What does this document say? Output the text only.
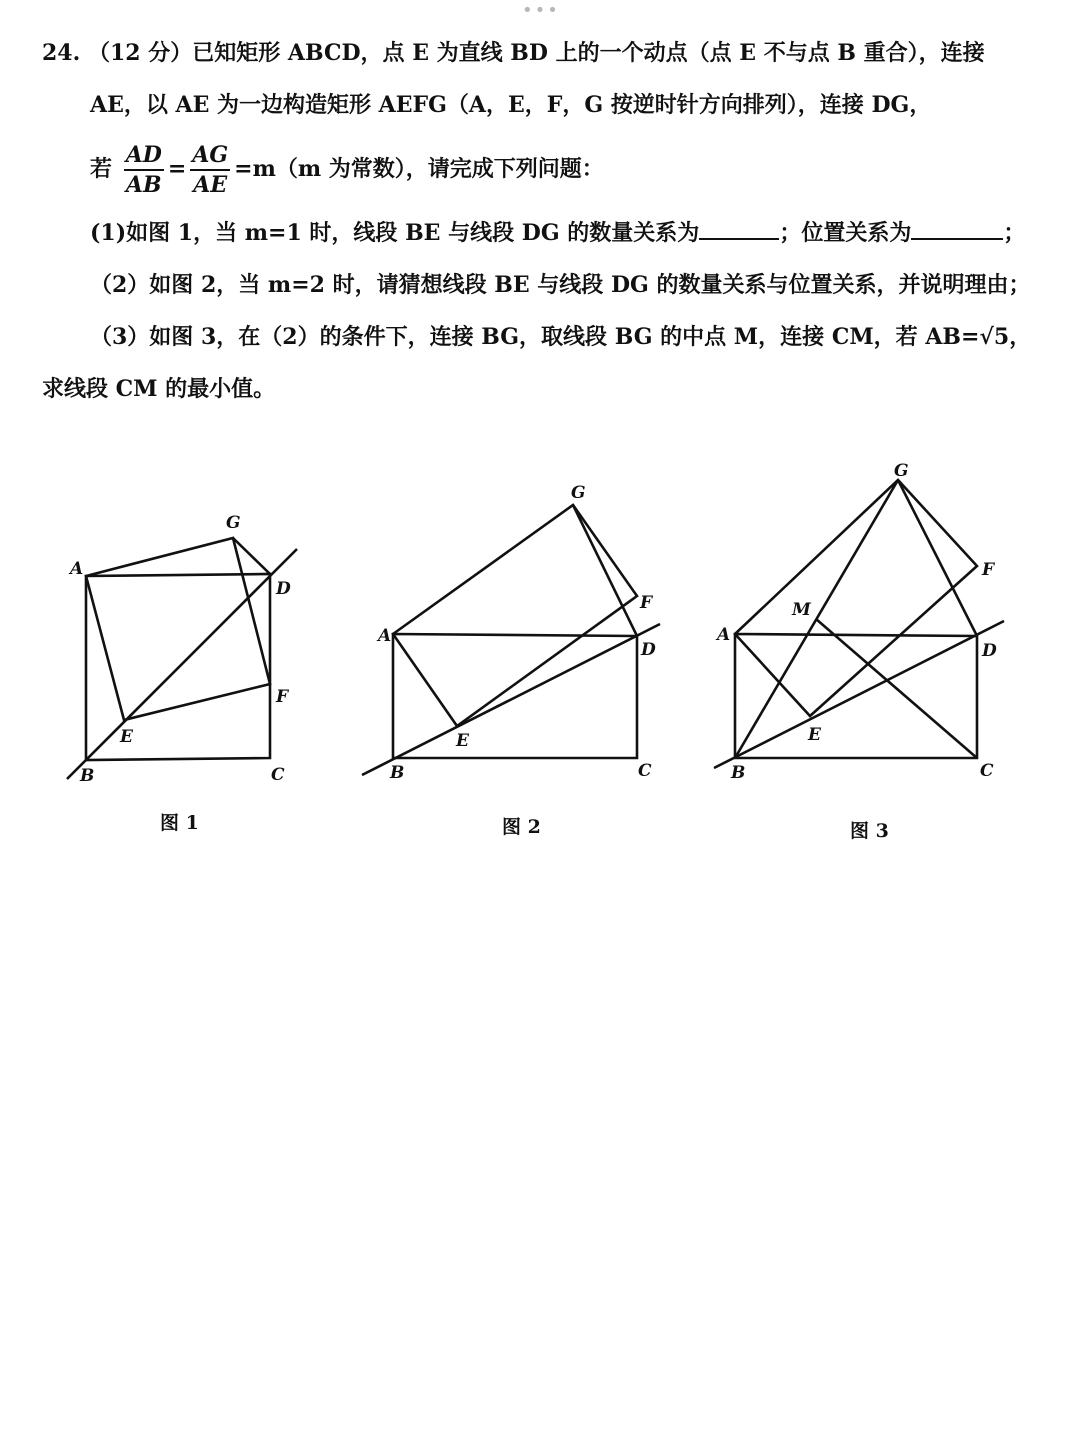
•••
24. （12 分）已知矩形 ABCD，点 E 为直线 BD 上的一个动点（点 E 不与点 B 重合），连接
AE，以 AE 为一边构造矩形 AEFG（A，E，F，G 按逆时针方向排列），连接 DG，
若 $\frac{AD}{AB} = \frac{AG}{AE} =m(m$ 为常数），请完成下列问题：
(1)如图 1，当 m=1 时，线段 BE 与线段 DG 的数量关系为	；位置关系为	；
（2）如图 2，当 m=2 时，请猜想线段 BE 与线段 DG 的数量关系与位置关系，并说明理由；
（3）如图 3，在（2）的条件下，连接 BG，取线段 BG 的中点 M，连接 CM，若 AB=√5，
求线段 CM 的最小值。
A
B	C
D
E
F
G
A
B	C
D
E
F
G
A
B	C
D
E
F
G
M
图 1	图 2	图 3
